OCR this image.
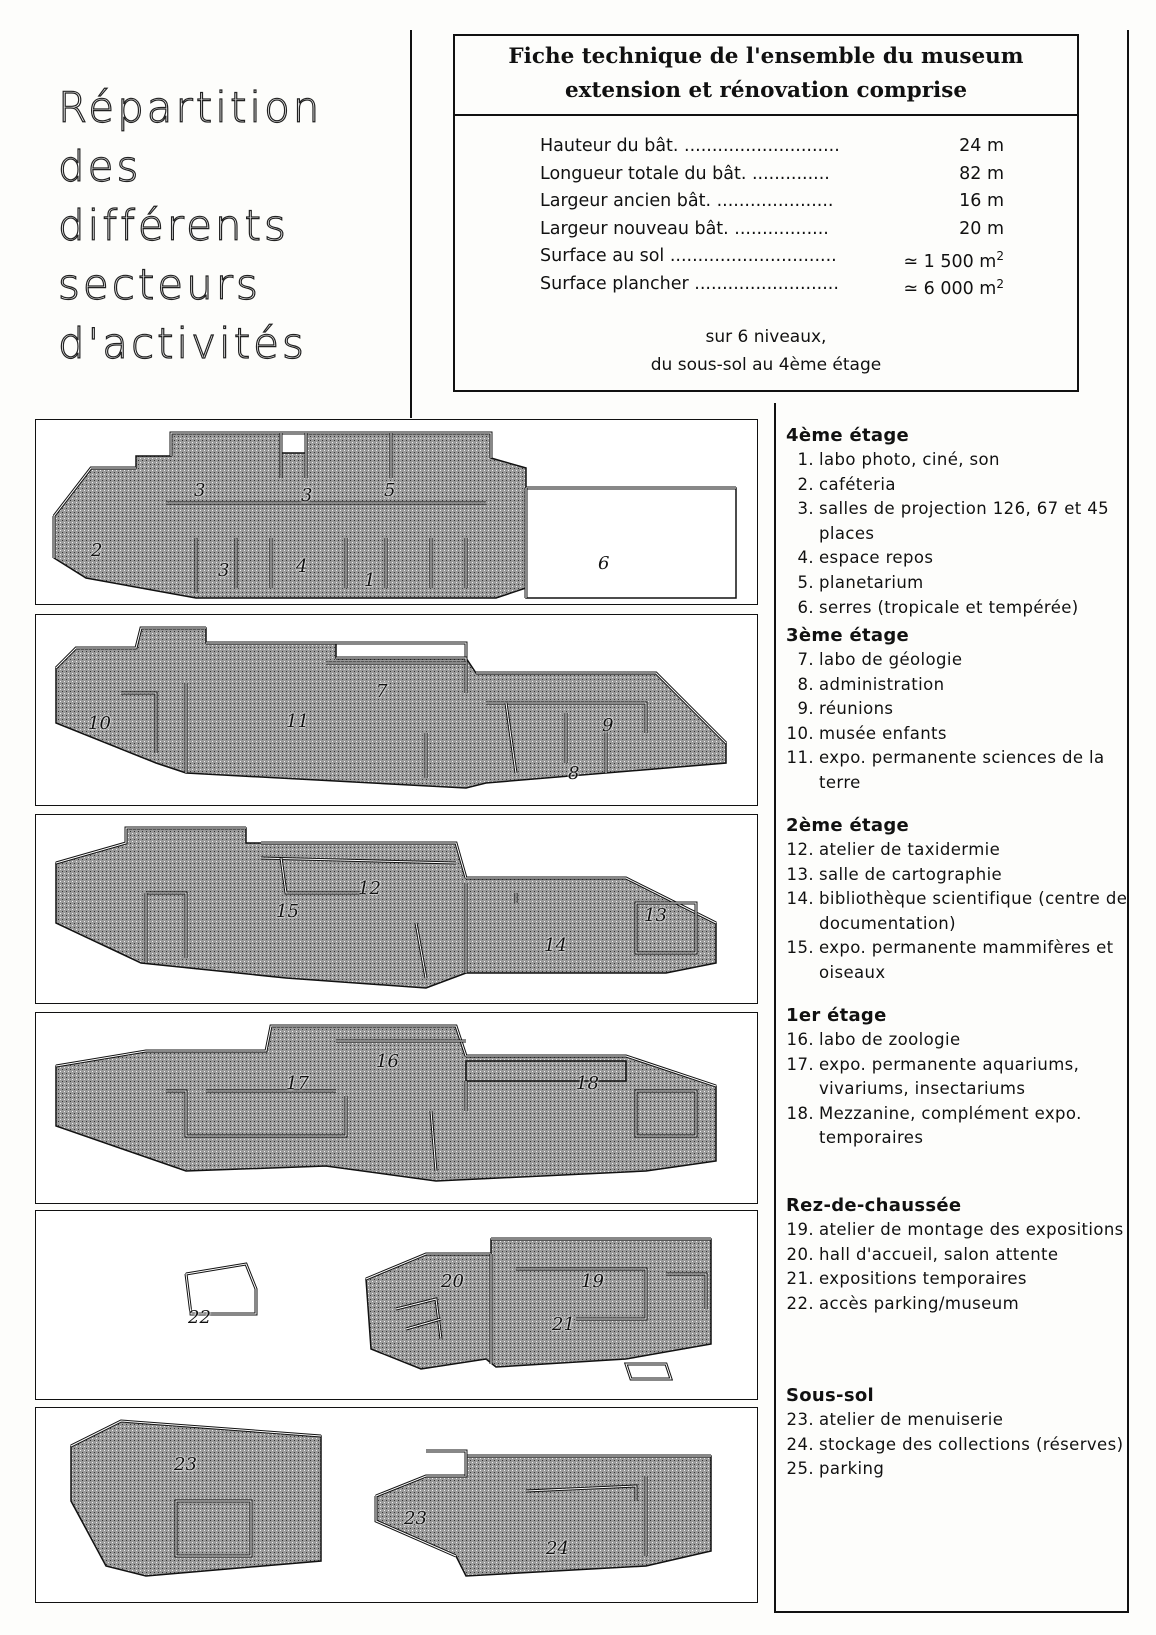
Répartition
des
différents
secteurs
d'activités
Fiche technique de l'ensemble du museum
extension et rénovation comprise
Hauteur du bât. ............................	24 m
Longueur totale du bât. ..............	82 m
Largeur ancien bât. .....................	16 m
Largeur nouveau bât. .................	20 m
Surface au sol ..............................	≃ 1 500 $m^2$
Surface plancher ..........................	≃ 6 000 $m^2$
sur 6 niveaux,
du sous-sol au 4ème étage
3	3	5
2
3	4
1
6
7
10	11	9
8
12
15	13
14
16
17	18
20	19
22	21
23
23
24
4ème étage
1. labo photo, ciné, son
2. caféteria
3. salles de projection 126, 67 et 45 places
4. espace repos
5. planetarium
6. serres (tropicale et tempérée)
3ème étage
7. labo de géologie
8. administration
9. réunions
10. musée enfants
11. expo. permanente sciences de la terre
2ème étage
12. atelier de taxidermie
13. salle de cartographie
14. bibliothèque scientifique (centre de documentation)
15. expo. permanente mammifères et oiseaux
1er étage
16. labo de zoologie
17. expo. permanente aquariums, vivariums, insectariums
18. Mezzanine, complément expo. temporaires
Rez-de-chaussée
19. atelier de montage des expositions
20. hall d'accueil, salon attente
21. expositions temporaires
22. accès parking/museum
Sous-sol
23. atelier de menuiserie
24. stockage des collections (réserves)
25. parking
